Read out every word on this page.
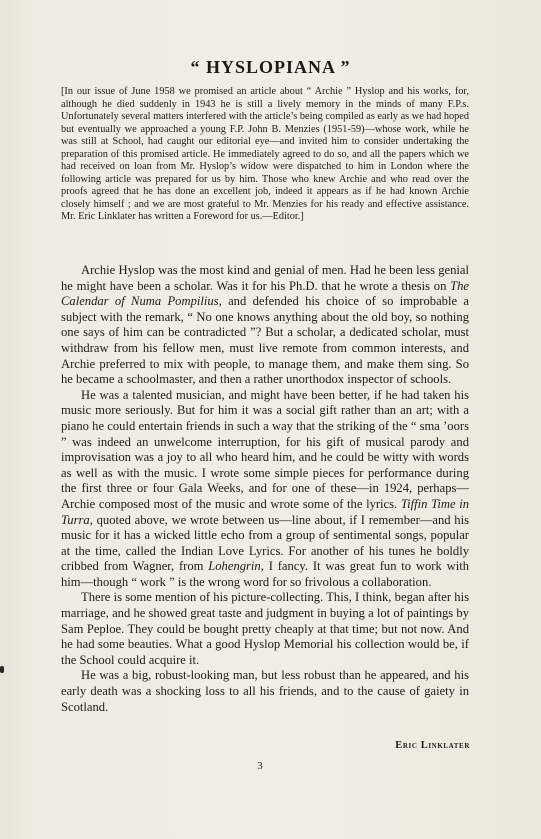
“ HYSLOPIANA ”
[In our issue of June 1958 we promised an article about “ Archie ” Hyslop and his works, for, although he died suddenly in 1943 he is still a lively memory in the minds of many F.P.s. Unfortunately several matters interfered with the article’s being compiled as early as we had hoped but eventually we approached a young F.P. John B. Menzies (1951-59)—whose work, while he was still at School, had caught our editorial eye—and invited him to consider undertaking the preparation of this promised article. He immediately agreed to do so, and all the papers which we had received on loan from Mr. Hyslop’s widow were dispatched to him in London where the following article was prepared for us by him. Those who knew Archie and who read over the proofs agreed that he has done an excellent job, indeed it appears as if he had known Archie closely himself ; and we are most grateful to Mr. Menzies for his ready and effective assistance. Mr. Eric Linklater has written a Foreword for us.—Editor.]

Archie Hyslop was the most kind and genial of men. Had he been less genial he might have been a scholar. Was it for his Ph.D. that he wrote a thesis on The Calendar of Numa Pompilius, and defended his choice of so improbable a subject with the remark, “ No one knows anything about the old boy, so nothing one says of him can be contradicted ”? But a scholar, a dedicated scholar, must withdraw from his fellow men, must live remote from common interests, and Archie preferred to mix with people, to manage them, and make them sing. So he became a schoolmaster, and then a rather unorthodox inspector of schools.

He was a talented musician, and might have been better, if he had taken his music more seriously. But for him it was a social gift rather than an art; with a piano he could entertain friends in such a way that the striking of the “ sma ’oors ” was indeed an unwelcome interruption, for his gift of musical parody and improvisation was a joy to all who heard him, and he could be witty with words as well as with the music. I wrote some simple pieces for performance during the first three or four Gala Weeks, and for one of these—in 1924, perhaps—Archie composed most of the music and wrote some of the lyrics. Tiffin Time in Turra, quoted above, we wrote between us—line about, if I remember—and his music for it has a wicked little echo from a group of sentimental songs, popular at the time, called the Indian Love Lyrics. For another of his tunes he boldly cribbed from Wagner, from Lohengrin, I fancy. It was great fun to work with him—though “ work ” is the wrong word for so frivolous a collaboration.

There is some mention of his picture-collecting. This, I think, began after his marriage, and he showed great taste and judgment in buying a lot of paintings by Sam Peploe. They could be bought pretty cheaply at that time; but not now. And he had some beauties. What a good Hyslop Memorial his collection would be, if the School could acquire it.

He was a big, robust-looking man, but less robust than he appeared, and his early death was a shocking loss to all his friends, and to the cause of gaiety in Scotland.

Eric Linklater
3
